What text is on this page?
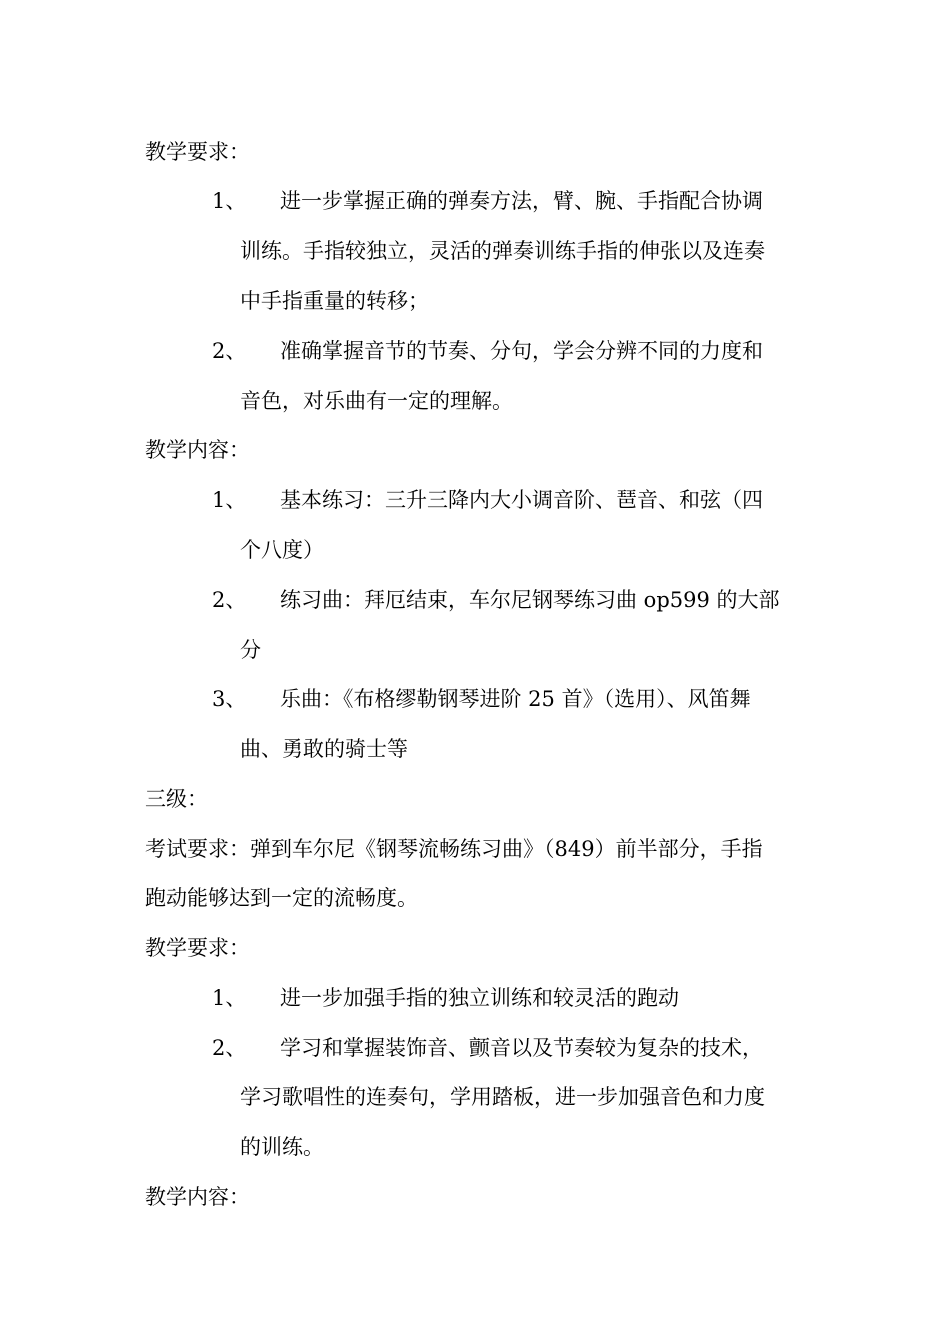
教学要求：
1、 进一步掌握正确的弹奏方法，臂、腕、手指配合协调
训练。手指较独立，灵活的弹奏训练手指的伸张以及连奏
中手指重量的转移；
2、 准确掌握音节的节奏、分句，学会分辨不同的力度和
音色，对乐曲有一定的理解。
教学内容：
1、 基本练习：三升三降内大小调音阶、琶音、和弦（四
个八度）
2、 练习曲：拜厄结束，车尔尼钢琴练习曲 op599 的大部
分
3、 乐曲：《布格缪勒钢琴进阶 25 首》（选用）、风笛舞
曲、勇敢的骑士等
三级：
考试要求：弹到车尔尼《钢琴流畅练习曲》（849）前半部分，手指
跑动能够达到一定的流畅度。
教学要求：
1、 进一步加强手指的独立训练和较灵活的跑动
2、 学习和掌握装饰音、颤音以及节奏较为复杂的技术，
学习歌唱性的连奏句，学用踏板，进一步加强音色和力度
的训练。
教学内容：
